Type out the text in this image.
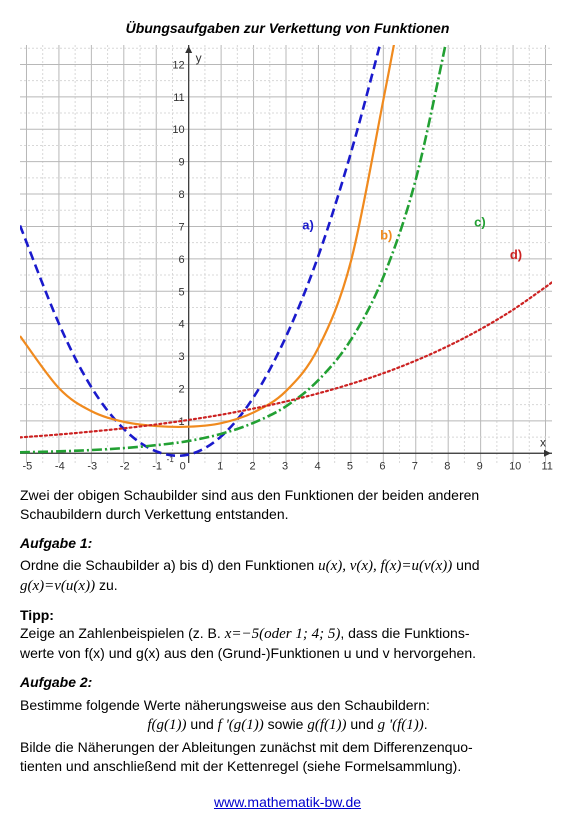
Übungsaufgaben zur Verkettung von Funktionen
x
y
-5 -4 -3 -2 -1 0	1 2 3 4 5 6 7 8 9 10 11
1
2
3
4
5
6
7
8
9
10
11
12
-1
a)
b)
c)
d)
Zwei der obigen Schaubilder sind aus den Funktionen der beiden anderen Schaubildern durch Verkettung entstanden.
Aufgabe 1:
Ordne die Schaubilder a) bis d) den Funktionen u(x), v(x), f(x)=u(v(x)) und
g(x)=v(u(x)) zu.
Tipp:
Zeige an Zahlenbeispielen (z. B. x=−5(oder 1; 4; 5), dass die Funktions-
werte von f(x) und g(x) aus den (Grund-)Funktionen u und v hervorgehen.
Aufgabe 2:
Bestimme folgende Werte näherungsweise aus den Schaubildern:
f(g(1)) und f '(g(1)) sowie g(f(1)) und g '(f(1)).
Bilde die Näherungen der Ableitungen zunächst mit dem Differenzenquo-
tienten und anschließend mit der Kettenregel (siehe Formelsammlung).
www.mathematik-bw.de
